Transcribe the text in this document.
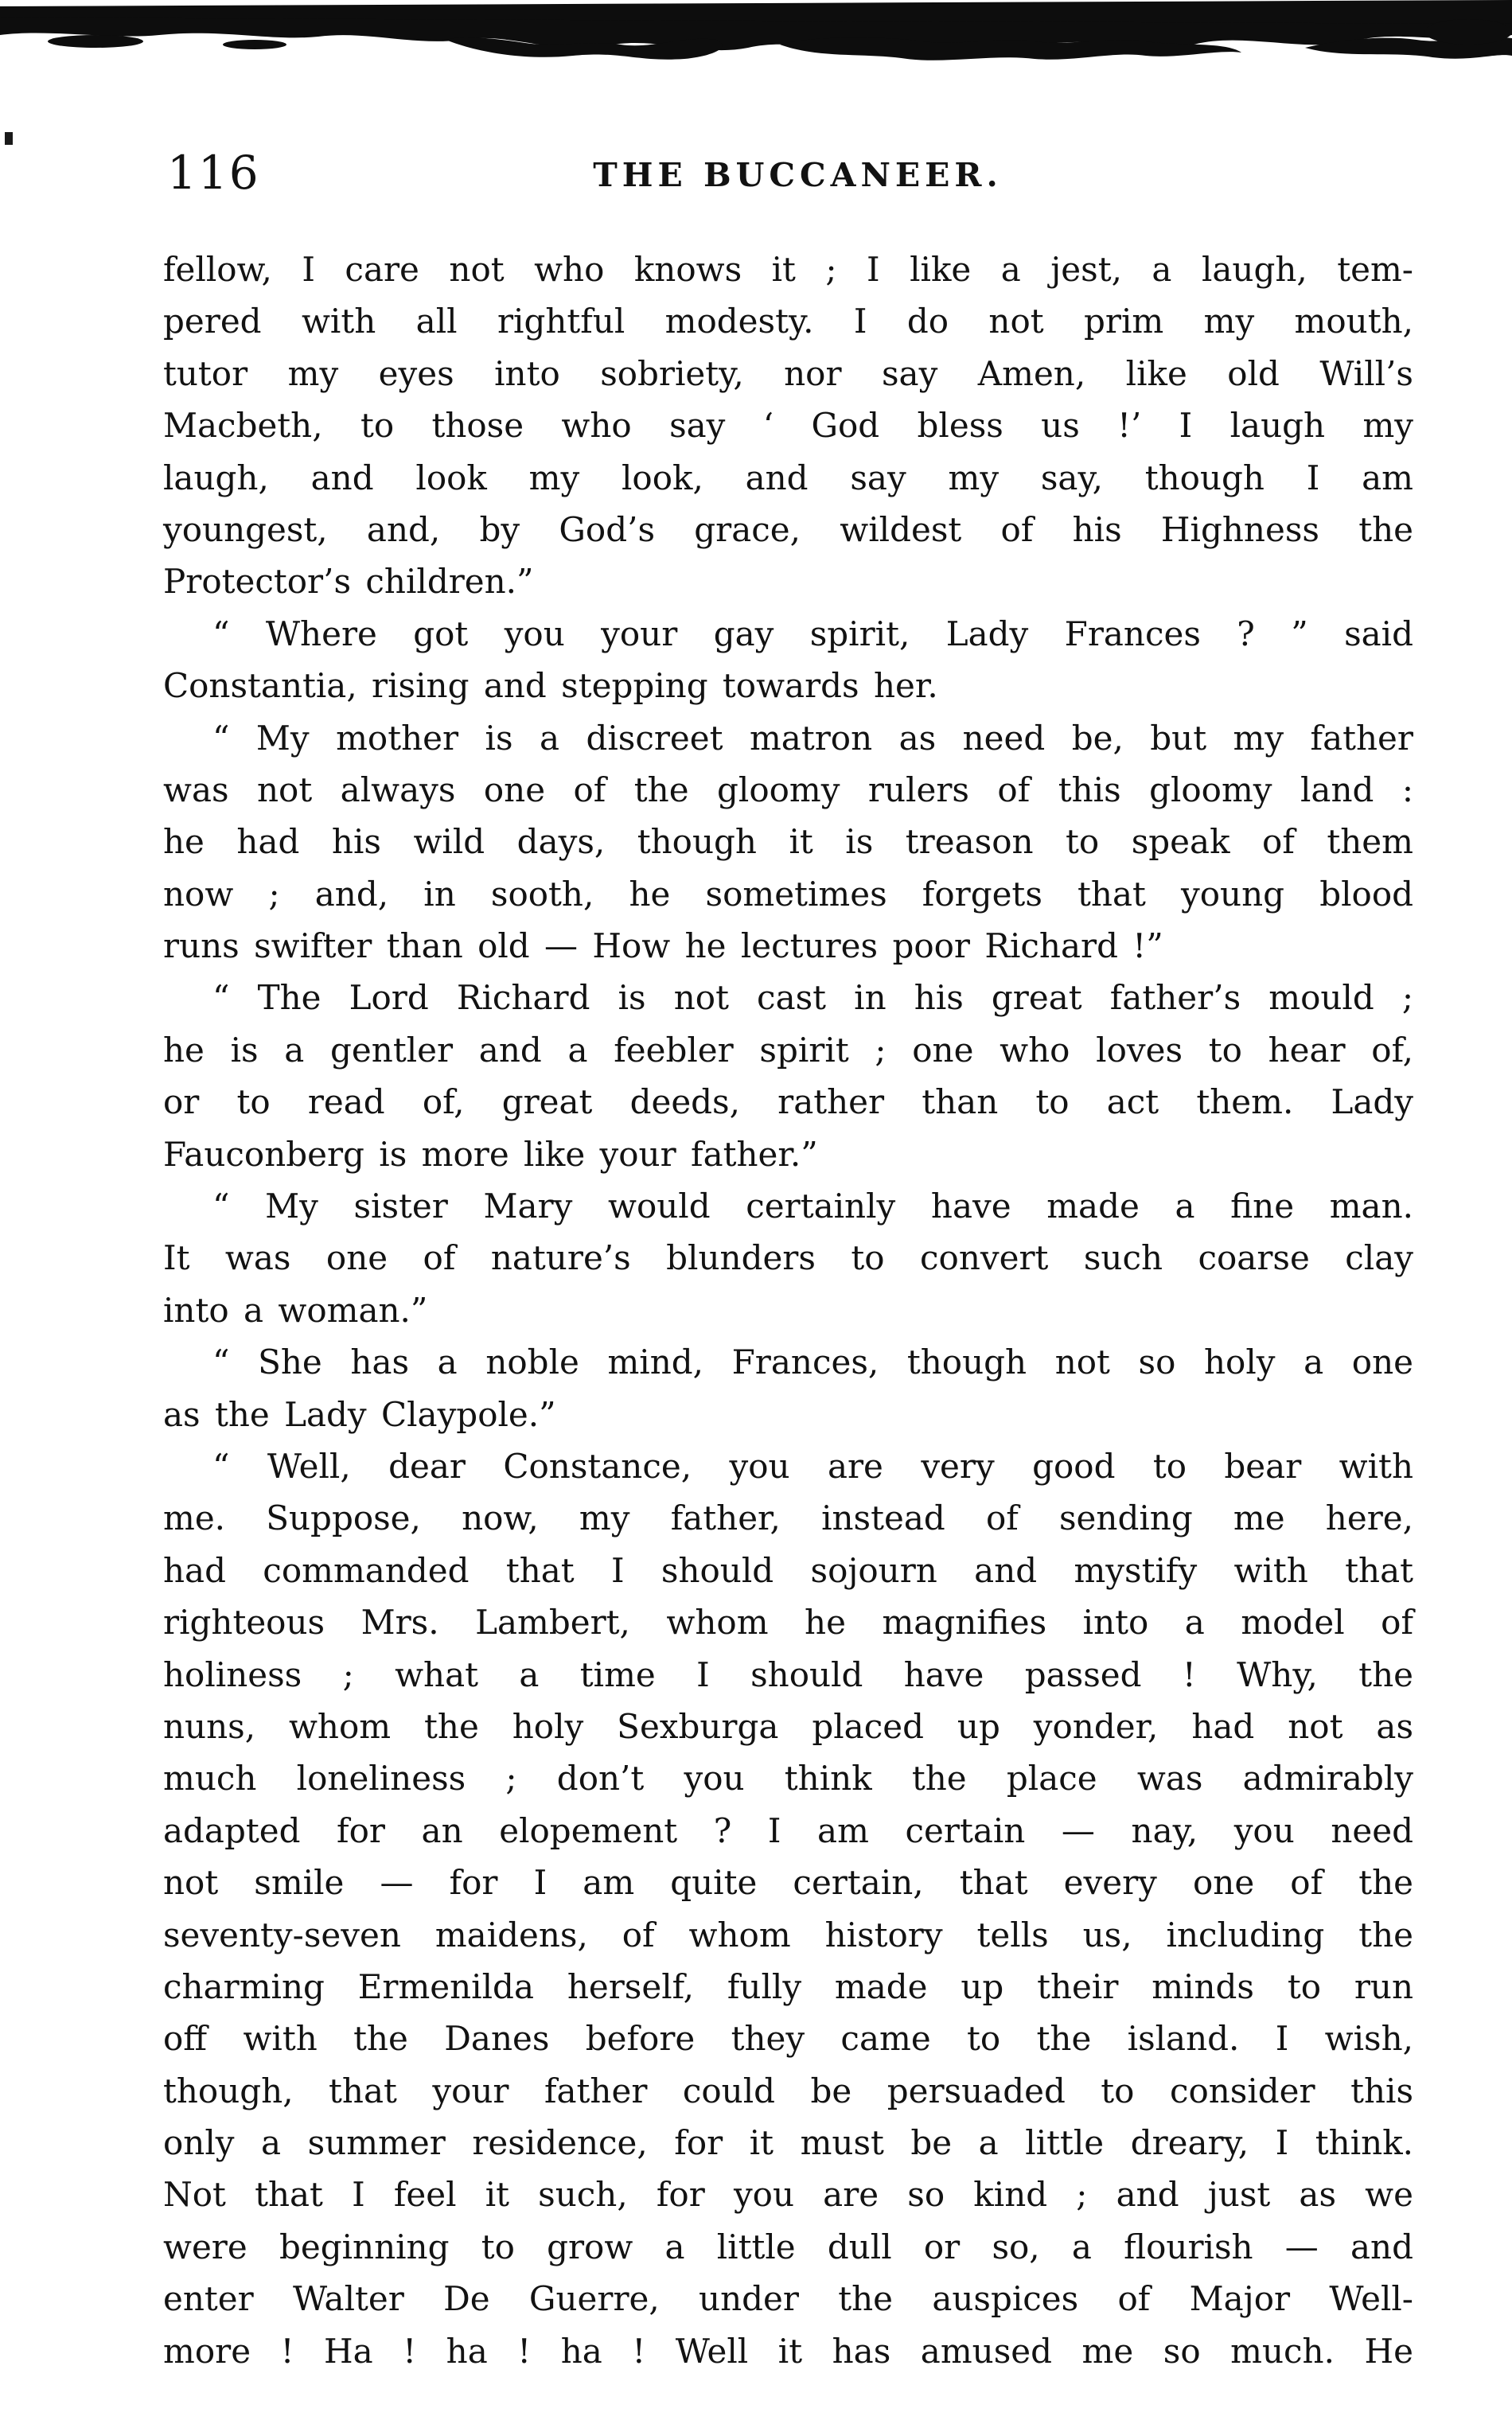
116	THE BUCCANEER.
fellow, I care not who knows it ; I like a jest, a laugh, tem-
pered with all rightful modesty. I do not prim my mouth,
tutor my eyes into sobriety, nor say Amen, like old Will’s
Macbeth, to those who say ‘ God bless us !’ I laugh my
laugh, and look my look, and say my say, though I am
youngest, and, by God’s grace, wildest of his Highness the
Protector’s children.”
“ Where got you your gay spirit, Lady Frances ? ” said
Constantia, rising and stepping towards her.
“ My mother is a discreet matron as need be, but my father
was not always one of the gloomy rulers of this gloomy land :
he had his wild days, though it is treason to speak of them
now ; and, in sooth, he sometimes forgets that young blood
runs swifter than old — How he lectures poor Richard !”
“ The Lord Richard is not cast in his great father’s mould ;
he is a gentler and a feebler spirit ; one who loves to hear of,
or to read of, great deeds, rather than to act them. Lady
Fauconberg is more like your father.”
“ My sister Mary would certainly have made a fine man.
It was one of nature’s blunders to convert such coarse clay
into a woman.”
“ She has a noble mind, Frances, though not so holy a one
as the Lady Claypole.”
“ Well, dear Constance, you are very good to bear with
me. Suppose, now, my father, instead of sending me here,
had commanded that I should sojourn and mystify with that
righteous Mrs. Lambert, whom he magnifies into a model of
holiness ; what a time I should have passed ! Why, the
nuns, whom the holy Sexburga placed up yonder, had not as
much loneliness ; don’t you think the place was admirably
adapted for an elopement ? I am certain — nay, you need
not smile — for I am quite certain, that every one of the
seventy-seven maidens, of whom history tells us, including the
charming Ermenilda herself, fully made up their minds to run
off with the Danes before they came to the island. I wish,
though, that your father could be persuaded to consider this
only a summer residence, for it must be a little dreary, I think.
Not that I feel it such, for you are so kind ; and just as we
were beginning to grow a little dull or so, a flourish — and
enter Walter De Guerre, under the auspices of Major Well-
more ! Ha ! ha ! ha ! Well it has amused me so much. He
